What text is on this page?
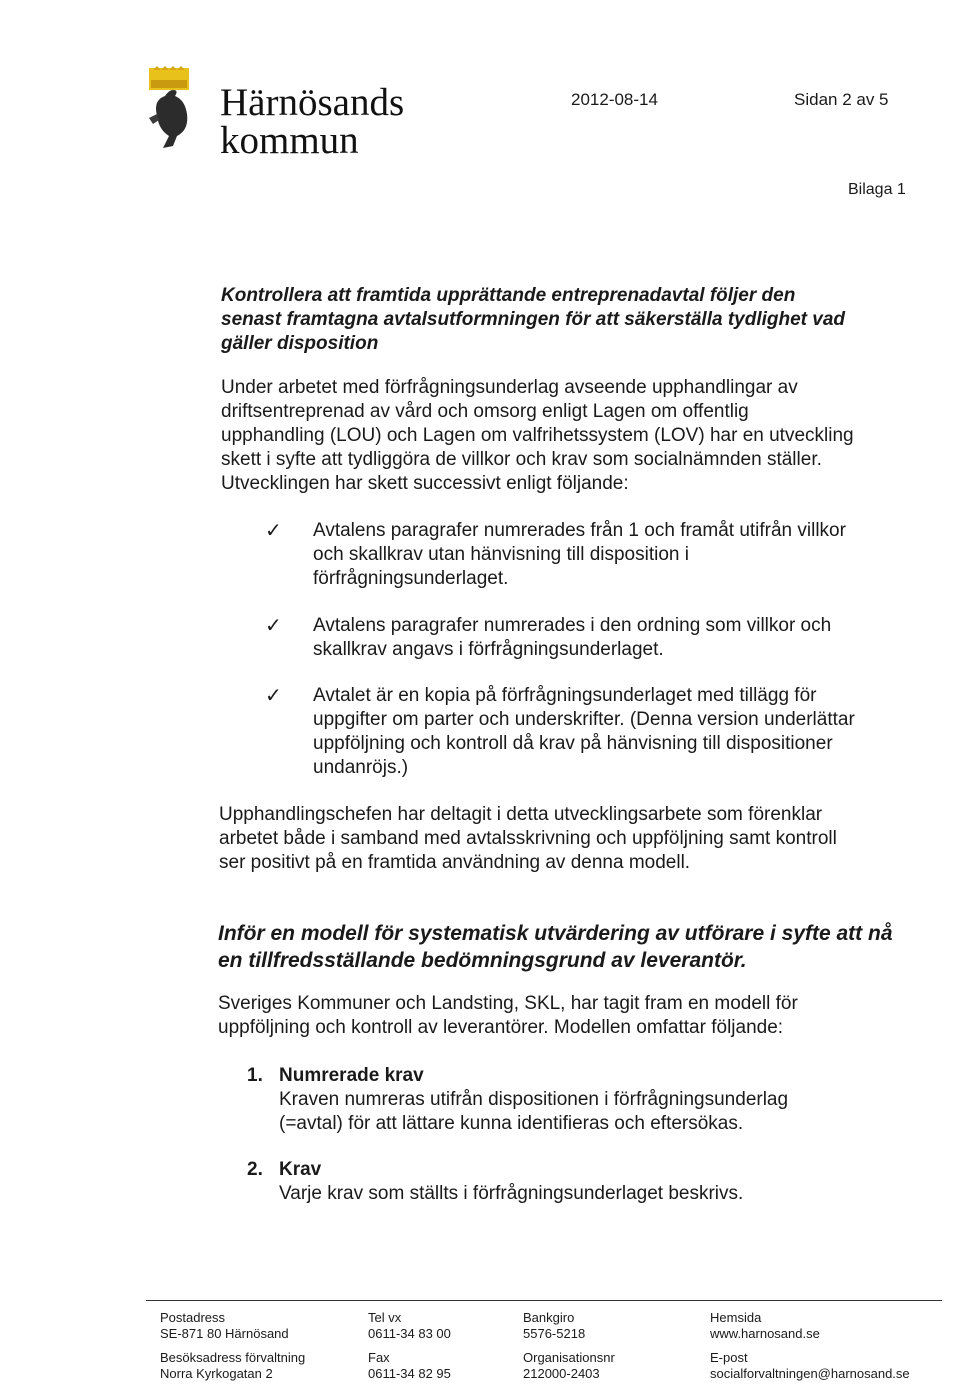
Härnösands
kommun
2012-08-14	Sidan 2 av 5
Bilaga 1
Kontrollera att framtida upprättande entreprenadavtal följer den
senast framtagna avtalsutformningen för att säkerställa tydlighet vad
gäller disposition
Under arbetet med förfrågningsunderlag avseende upphandlingar av
driftsentreprenad av vård och omsorg enligt Lagen om offentlig
upphandling (LOU) och Lagen om valfrihetssystem (LOV) har en utveckling
skett i syfte att tydliggöra de villkor och krav som socialnämnden ställer.
Utvecklingen har skett successivt enligt följande:
✓ Avtalens paragrafer numrerades från 1 och framåt utifrån villkor
och skallkrav utan hänvisning till disposition i
förfrågningsunderlaget.
✓ Avtalens paragrafer numrerades i den ordning som villkor och
skallkrav angavs i förfrågningsunderlaget.
✓ Avtalet är en kopia på förfrågningsunderlaget med tillägg för
uppgifter om parter och underskrifter. (Denna version underlättar
uppföljning och kontroll då krav på hänvisning till dispositioner
undanröjs.)
Upphandlingschefen har deltagit i detta utvecklingsarbete som förenklar
arbetet både i samband med avtalsskrivning och uppföljning samt kontroll
ser positivt på en framtida användning av denna modell.
Inför en modell för systematisk utvärdering av utförare i syfte att nå
en tillfredsställande bedömningsgrund av leverantör.
Sveriges Kommuner och Landsting, SKL, har tagit fram en modell för
uppföljning och kontroll av leverantörer. Modellen omfattar följande:
1. Numrerade krav
Kraven numreras utifrån dispositionen i förfrågningsunderlag
(=avtal) för att lättare kunna identifieras och eftersökas.
2. Krav
Varje krav som ställts i förfrågningsunderlaget beskrivs.
Postadress
SE-871 80 Härnösand
Besöksadress förvaltning
Norra Kyrkogatan 2
Tel vx
0611-34 83 00
Fax
0611-34 82 95
Bankgiro
5576-5218
Organisationsnr
212000-2403
Hemsida
www.harnosand.se
E-post
socialforvaltningen@harnosand.se
